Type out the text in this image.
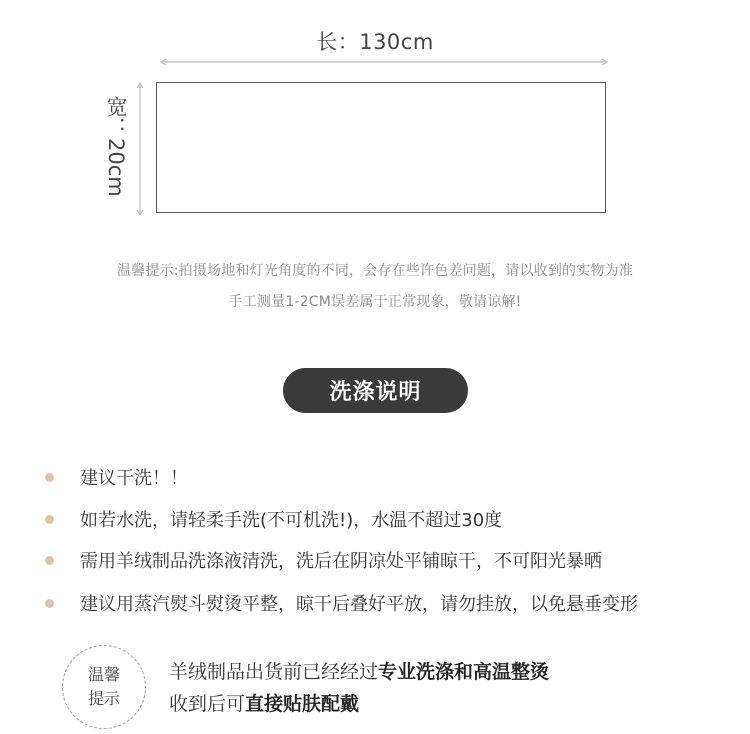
长：130cm
宽：20cm
温馨提示:拍摄场地和灯光角度的不同，会存在些许色差问题，请以收到的实物为准
手工测量1-2CM误差属于正常现象，敬请谅解!
洗涤说明
建议干洗！！
如若水洗，请轻柔手洗(不可机洗!)，水温不超过30度
需用羊绒制品洗涤液清洗，洗后在阴凉处平铺晾干，不可阳光暴晒
建议用蒸汽熨斗熨烫平整，晾干后叠好平放，请勿挂放，以免悬垂变形
温馨
提示
羊绒制品出货前已经经过专业洗涤和高温整烫
收到后可直接贴肤配戴
